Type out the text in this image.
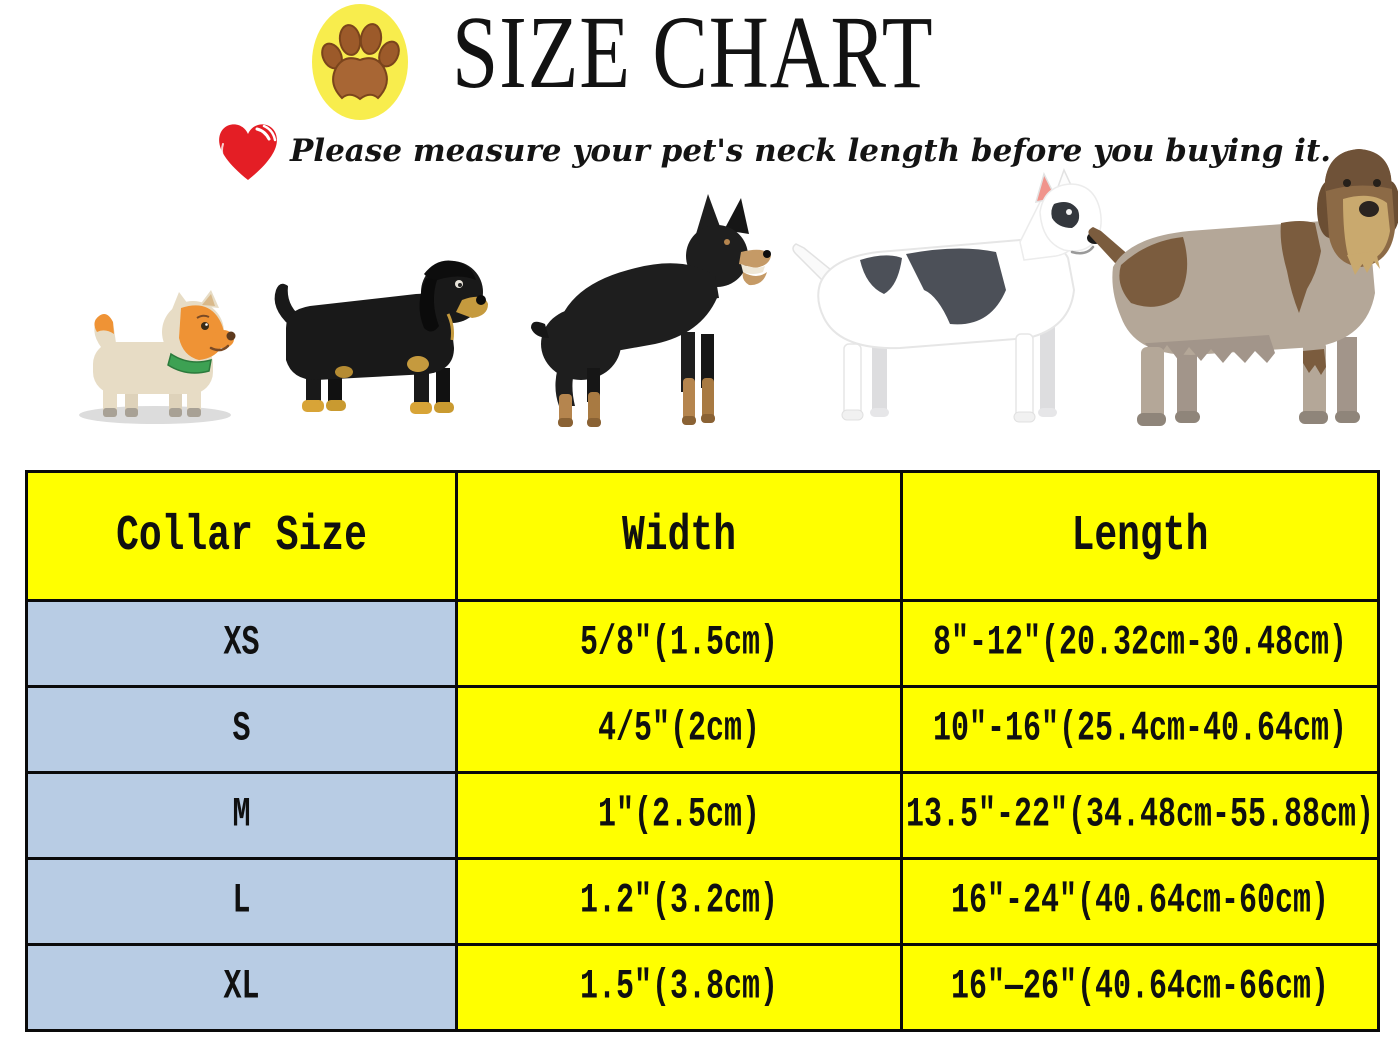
SIZE CHART
Please measure your pet's neck length before you buying it.
Collar Size	Width	Length
XS	5/8"(1.5cm)	8"-12"(20.32cm-30.48cm)
S	4/5"(2cm)	10"-16"(25.4cm-40.64cm)
M	1"(2.5cm)	13.5"-22"(34.48cm-55.88cm)
L	1.2"(3.2cm)	16"-24"(40.64cm-60cm)
XL	1.5"(3.8cm)	16"—26"(40.64cm-66cm)
